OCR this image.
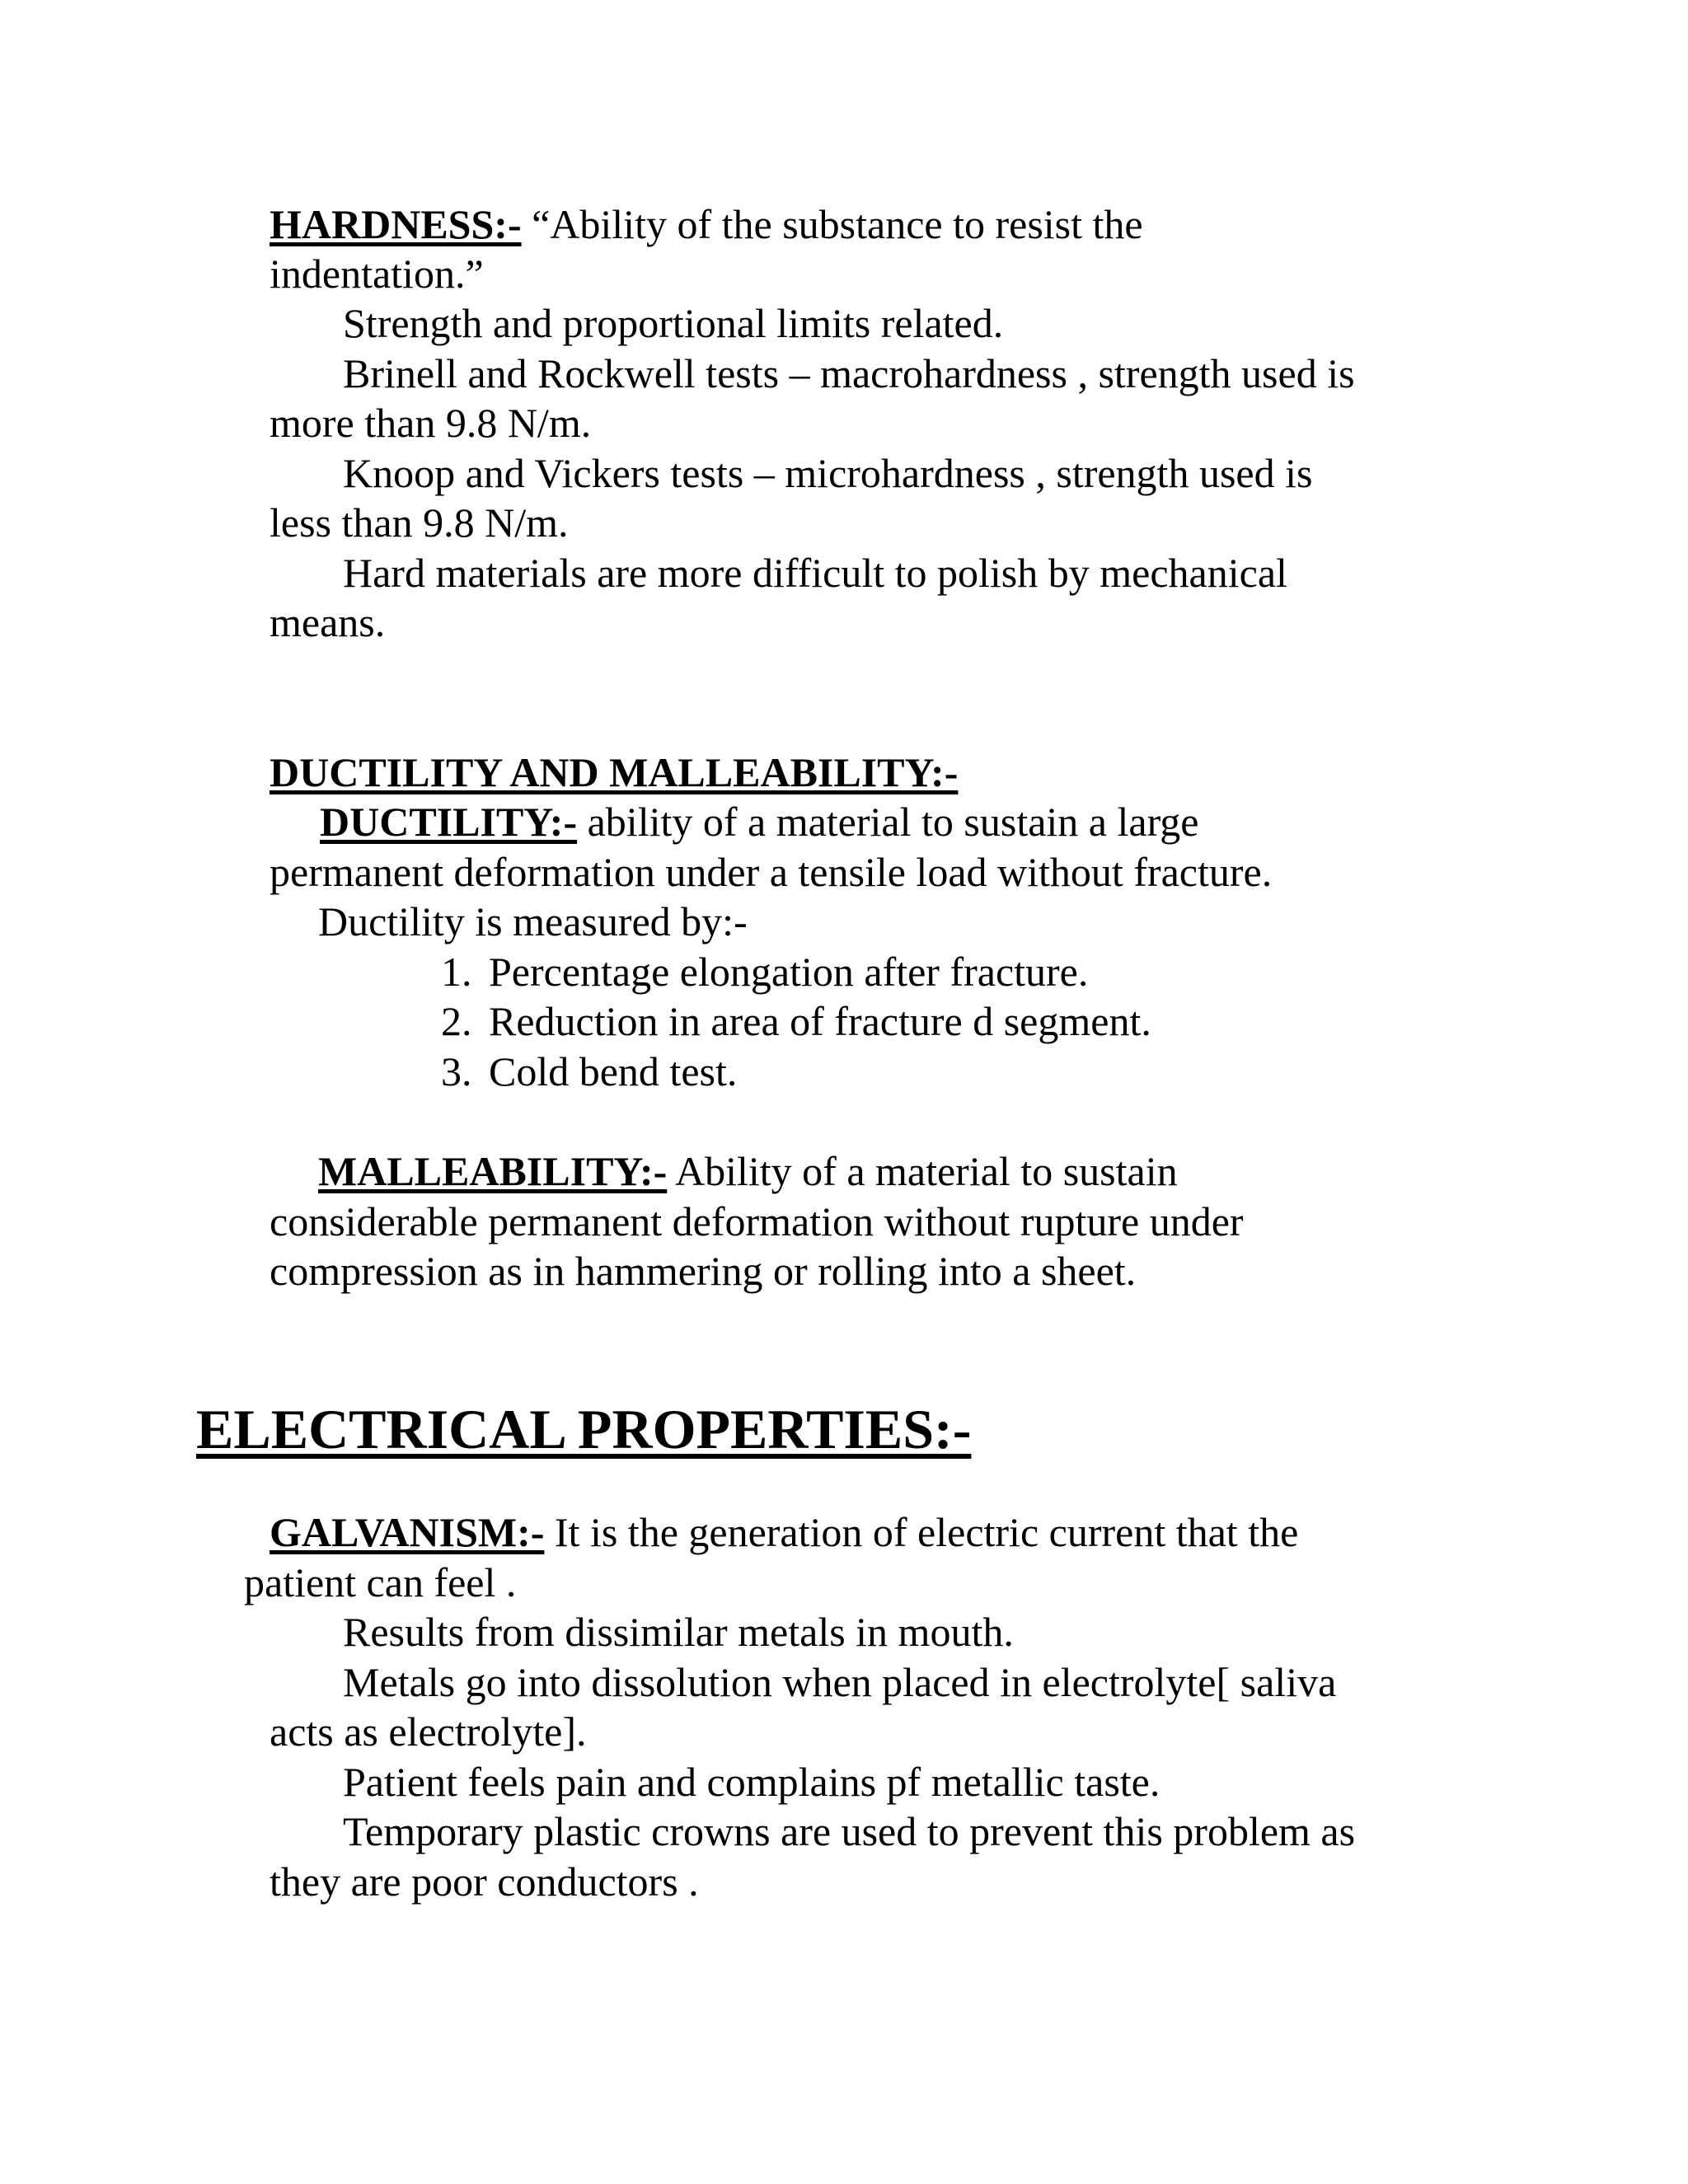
HARDNESS:- “Ability of the substance to resist the
indentation.”
Strength and proportional limits related.
Brinell and Rockwell tests – macrohardness , strength used is
more than 9.8 N/m.
Knoop and Vickers tests – microhardness , strength used is
less than 9.8 N/m.
Hard materials are more difficult to polish by mechanical
means.
DUCTILITY AND MALLEABILITY:-
DUCTILITY:- ability of a material to sustain a large
permanent deformation under a tensile load without fracture.
Ductility is measured by:-
1. Percentage elongation after fracture.
2. Reduction in area of fracture d segment.
3. Cold bend test.
MALLEABILITY:- Ability of a material to sustain
considerable permanent deformation without rupture under
compression as in hammering or rolling into a sheet.
ELECTRICAL PROPERTIES:-
GALVANISM:- It is the generation of electric current that the
patient can feel .
Results from dissimilar metals in mouth.
Metals go into dissolution when placed in electrolyte[ saliva
acts as electrolyte].
Patient feels pain and complains pf metallic taste.
Temporary plastic crowns are used to prevent this problem as
they are poor conductors .
